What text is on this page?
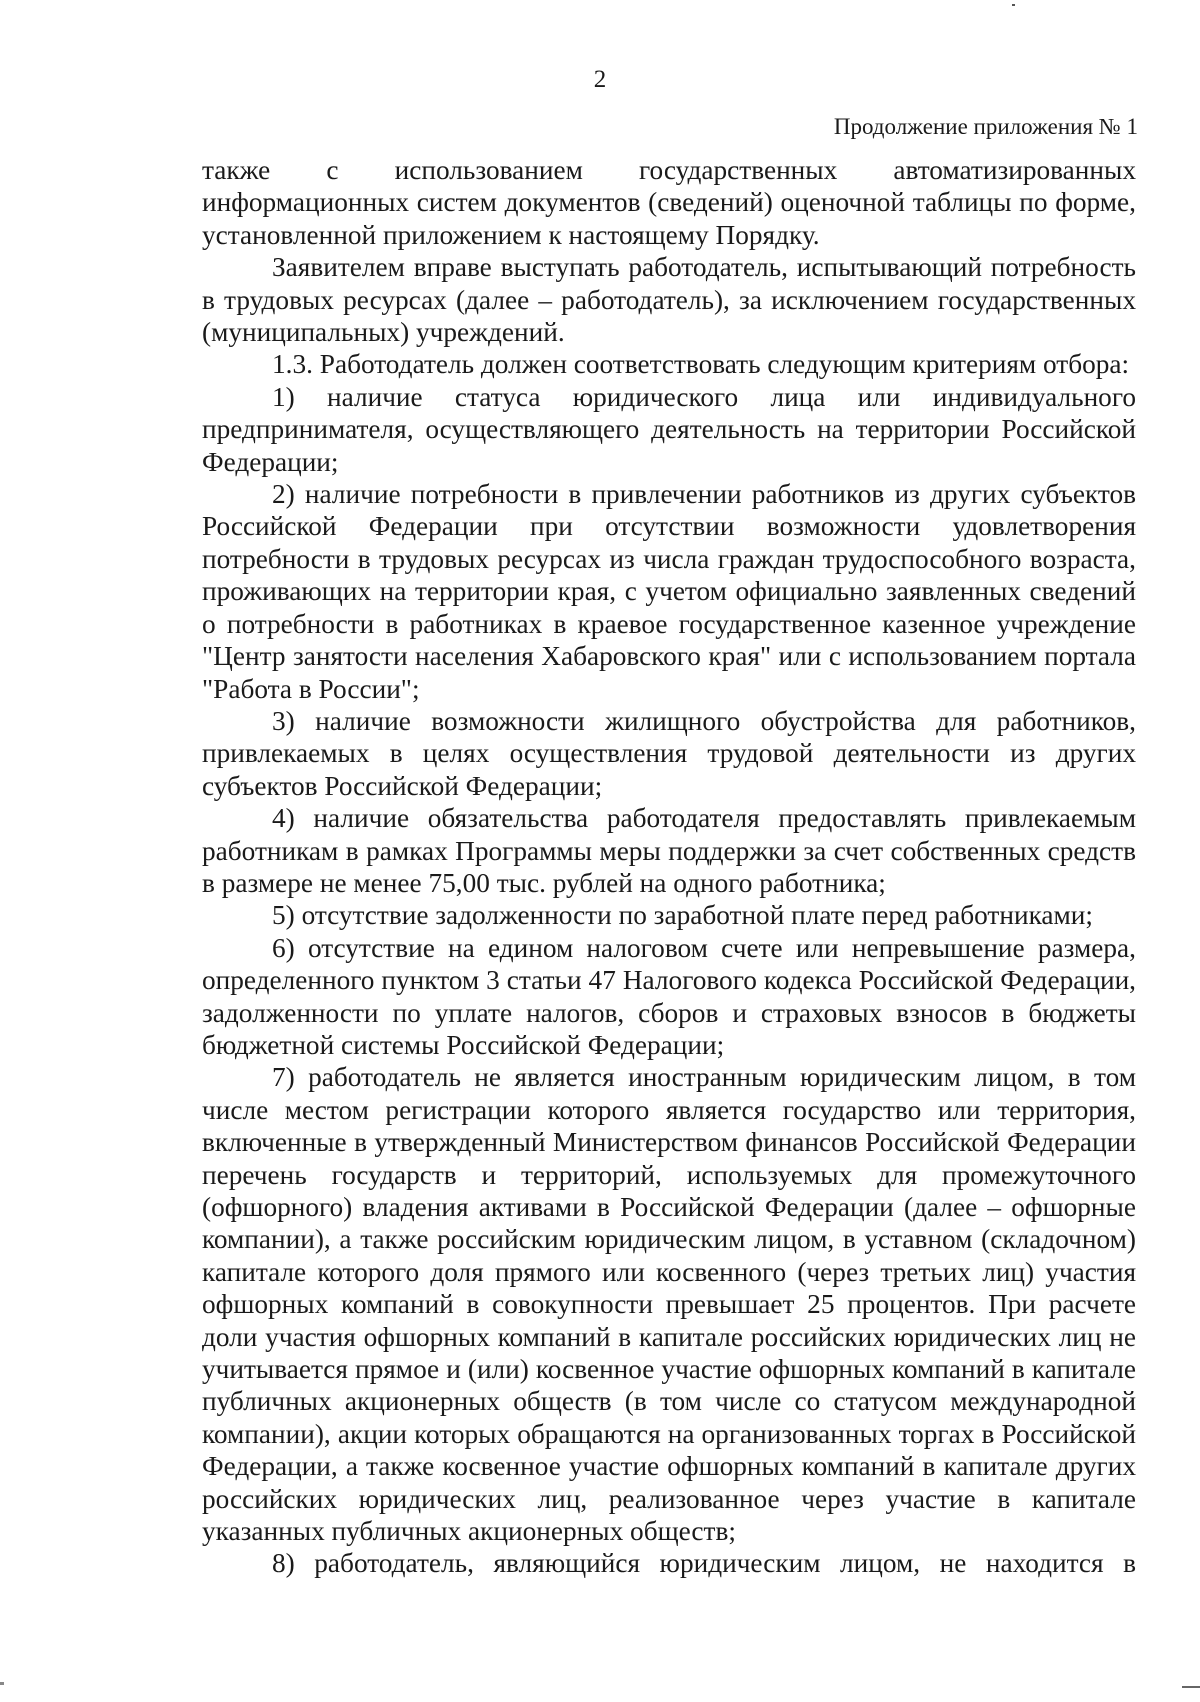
2
Продолжение приложения № 1

также с использованием государственных автоматизированных информационных систем документов (сведений) оценочной таблицы по форме, установленной приложением к настоящему Порядку.

Заявителем вправе выступать работодатель, испытывающий потребность в трудовых ресурсах (далее – работодатель), за исключением государственных (муниципальных) учреждений.

1.3. Работодатель должен соответствовать следующим критериям отбора:

1) наличие статуса юридического лица или индивидуального предпринимателя, осуществляющего деятельность на территории Российской Федерации;

2) наличие потребности в привлечении работников из других субъектов Российской Федерации при отсутствии возможности удовлетворения потребности в трудовых ресурсах из числа граждан трудоспособного возраста, проживающих на территории края, с учетом официально заявленных сведений о потребности в работниках в краевое государственное казенное учреждение "Центр занятости населения Хабаровского края" или с использованием портала "Работа в России";

3) наличие возможности жилищного обустройства для работников, привлекаемых в целях осуществления трудовой деятельности из других субъектов Российской Федерации;

4) наличие обязательства работодателя предоставлять привлекаемым работникам в рамках Программы меры поддержки за счет собственных средств в размере не менее 75,00 тыс. рублей на одного работника;

5) отсутствие задолженности по заработной плате перед работниками;

6) отсутствие на едином налоговом счете или непревышение размера, определенного пунктом 3 статьи 47 Налогового кодекса Российской Федерации, задолженности по уплате налогов, сборов и страховых взносов в бюджеты бюджетной системы Российской Федерации;

7) работодатель не является иностранным юридическим лицом, в том числе местом регистрации которого является государство или территория, включенные в утвержденный Министерством финансов Российской Федерации перечень государств и территорий, используемых для промежуточного (офшорного) владения активами в Российской Федерации (далее – офшорные компании), а также российским юридическим лицом, в уставном (складочном) капитале которого доля прямого или косвенного (через третьих лиц) участия офшорных компаний в совокупности превышает 25 процентов. При расчете доли участия офшорных компаний в капитале российских юридических лиц не учитывается прямое и (или) косвенное участие офшорных компаний в капитале публичных акционерных обществ (в том числе со статусом международной компании), акции которых обращаются на организованных торгах в Российской Федерации, а также косвенное участие офшорных компаний в капитале других российских юридических лиц, реализованное через участие в капитале указанных публичных акционерных обществ;

8) работодатель, являющийся юридическим лицом, не находится в
